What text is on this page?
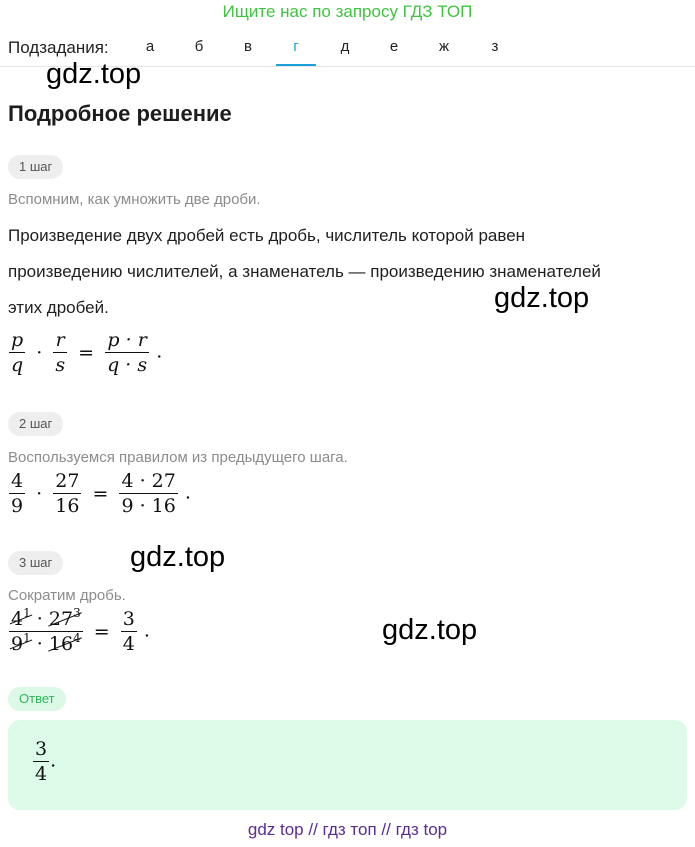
Ищите нас по запросу ГДЗ ТОП
Подзадания:	а	б	в	г	д	е	ж	з
gdz.top
gdz.top
gdz.top
gdz.top
Подробное решение
1 шаг
Вспомним, как умножить две дроби.
Произведение двух дробей есть дробь, числитель которой равен
произведению числителей, а знаменатель — произведению знаменателей
этих дробей.
$\frac{p}{q} \cdot \frac{r}{s} = \frac{p \cdot r}{q \cdot s}$ .
2 шаг
Воспользуемся правилом из предыдущего шага.
$\frac{4}{9} \cdot \frac{27}{16} = \frac{4 \cdot 27}{9 \cdot 16}$ .
3 шаг
Сократим дробь.
$\frac{4^1 \cdot 27^3}{9^1 \cdot 16^4} = \frac{3}{4}$ .
Ответ
$\frac{3}{4}$ .
gdz top // гдз топ // гдз top
